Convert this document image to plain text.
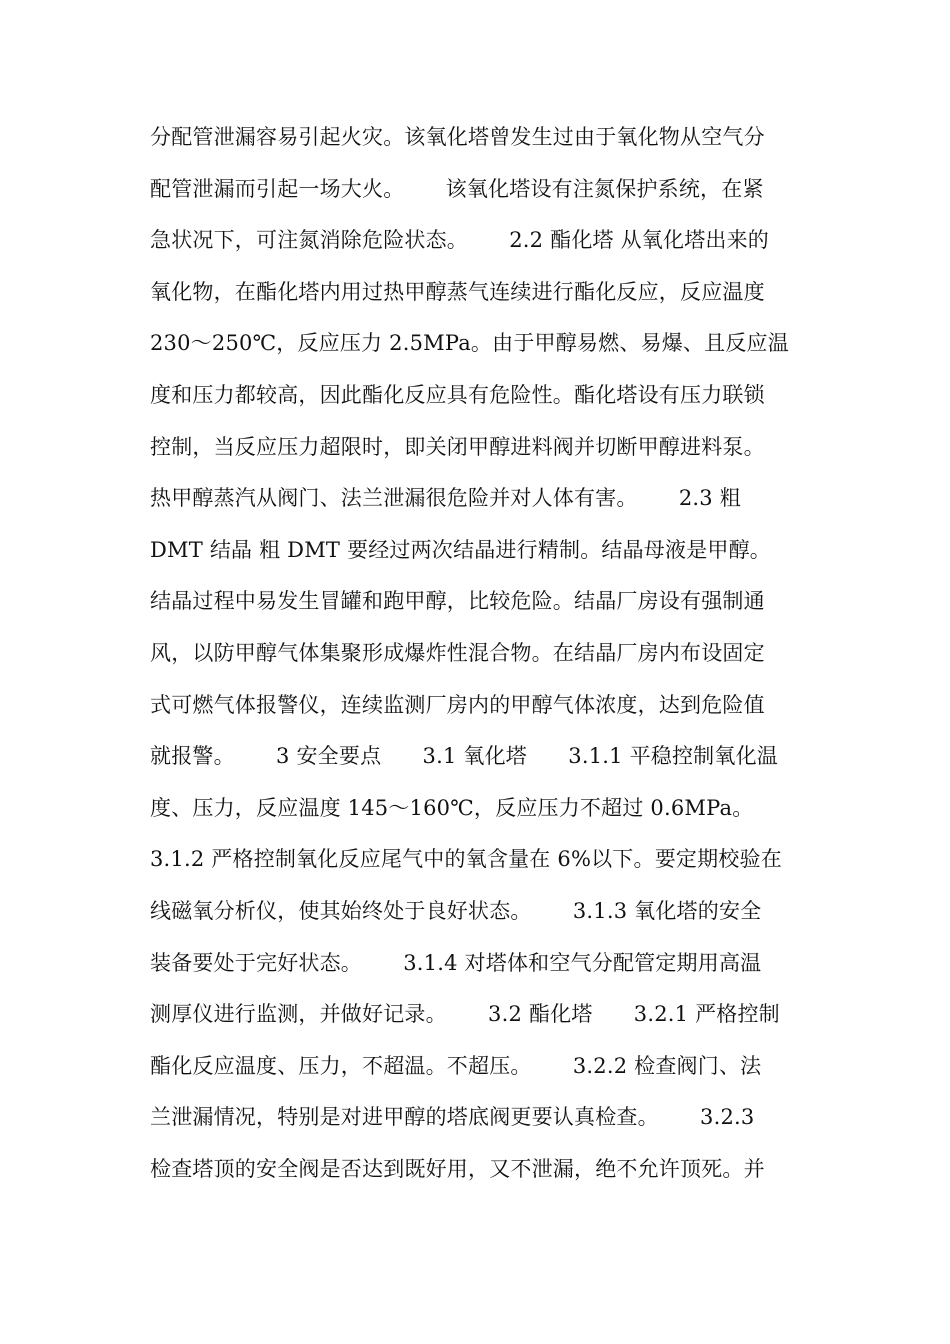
分配管泄漏容易引起火灾。该氧化塔曾发生过由于氧化物从空气分
配管泄漏而引起一场大火。      该氧化塔设有注氮保护系统，在紧
急状况下，可注氮消除危险状态。      2.2 酯化塔 从氧化塔出来的
氧化物，在酯化塔内用过热甲醇蒸气连续进行酯化反应，反应温度
230～250℃，反应压力 2.5MPa。由于甲醇易燃、易爆、且反应温
度和压力都较高，因此酯化反应具有危险性。酯化塔设有压力联锁
控制，当反应压力超限时，即关闭甲醇进料阀并切断甲醇进料泵。
热甲醇蒸汽从阀门、法兰泄漏很危险并对人体有害。      2.3 粗
DMT 结晶 粗 DMT 要经过两次结晶进行精制。结晶母液是甲醇。
结晶过程中易发生冒罐和跑甲醇，比较危险。结晶厂房设有强制通
风，以防甲醇气体集聚形成爆炸性混合物。在结晶厂房内布设固定
式可燃气体报警仪，连续监测厂房内的甲醇气体浓度，达到危险值
就报警。      3 安全要点      3.1 氧化塔      3.1.1 平稳控制氧化温
度、压力，反应温度 145～160℃，反应压力不超过 0.6MPa。
3.1.2 严格控制氧化反应尾气中的氧含量在 6%以下。要定期校验在
线磁氧分析仪，使其始终处于良好状态。      3.1.3 氧化塔的安全
装备要处于完好状态。      3.1.4 对塔体和空气分配管定期用高温
测厚仪进行监测，并做好记录。      3.2 酯化塔      3.2.1 严格控制
酯化反应温度、压力，不超温。不超压。      3.2.2 检查阀门、法
兰泄漏情况，特别是对进甲醇的塔底阀更要认真检查。      3.2.3
检查塔顶的安全阀是否达到既好用，又不泄漏，绝不允许顶死。并
